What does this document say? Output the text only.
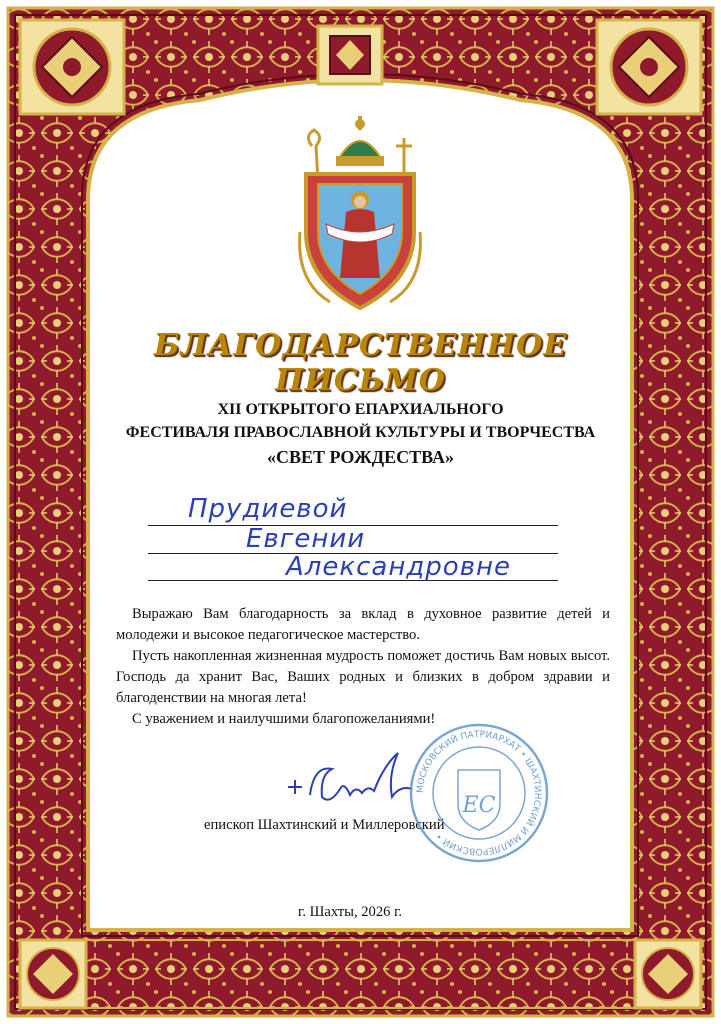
БЛАГОДАРСТВЕННОЕ ПИСЬМО
XII ОТКРЫТОГО ЕПАРХИАЛЬНОГО
ФЕСТИВАЛЯ ПРАВОСЛАВНОЙ КУЛЬТУРЫ И ТВОРЧЕСТВА
«СВЕТ РОЖДЕСТВА»
Прудиевой
Евгении
Александровне

Выражаю Вам благодарность за вклад в духовное развитие детей и молодежи и высокое педагогическое мастерство.

Пусть накопленная жизненная мудрость поможет достичь Вам новых высот. Господь да хранит Вас, Ваших родных и близких в добром здравии и благоденствии на многая лета!

С уважением и наилучшими благопожеланиями!

епископ Шахтинский и Миллеровский
МОСКОВСКИЙ ПАТРИАРХАТ • ШАХТИНСКИЙ И МИЛЛЕРОВСКИЙ •
ЕС
г. Шахты, 2026 г.
